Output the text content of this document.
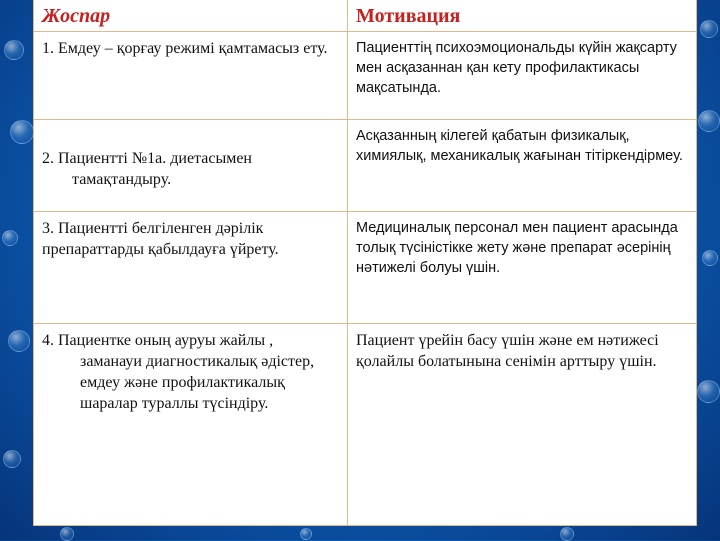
Жоспар	Мотивация
1. Емдеу – қорғау режимі қамтамасыз ету.	Пациенттің психоэмоциональды күйін жақсарту мен асқазаннан қан кету профилактикасы мақсатында.
2. Пациентті №1а. диетасымен тамақтандыру.
Асқазанның кілегей қабатын физикалық, химиялық, механикалық жағынан тітіркендірмеу.
3. Пациентті белгіленген дәрілік препараттарды қабылдауға үйрету.
Медициналық персонал мен пациент арасында толық түсіністікке жету және препарат әсерінің нәтижелі болуы үшін.
4. Пациентке оның ауруы жайлы , заманауи диагностикалық әдістер, емдеу және профилактикалық шаралар тураллы түсіндіру.
Пациент үрейін басу үшін және ем нәтижесі қолайлы болатынына сенімін арттыру үшін.
